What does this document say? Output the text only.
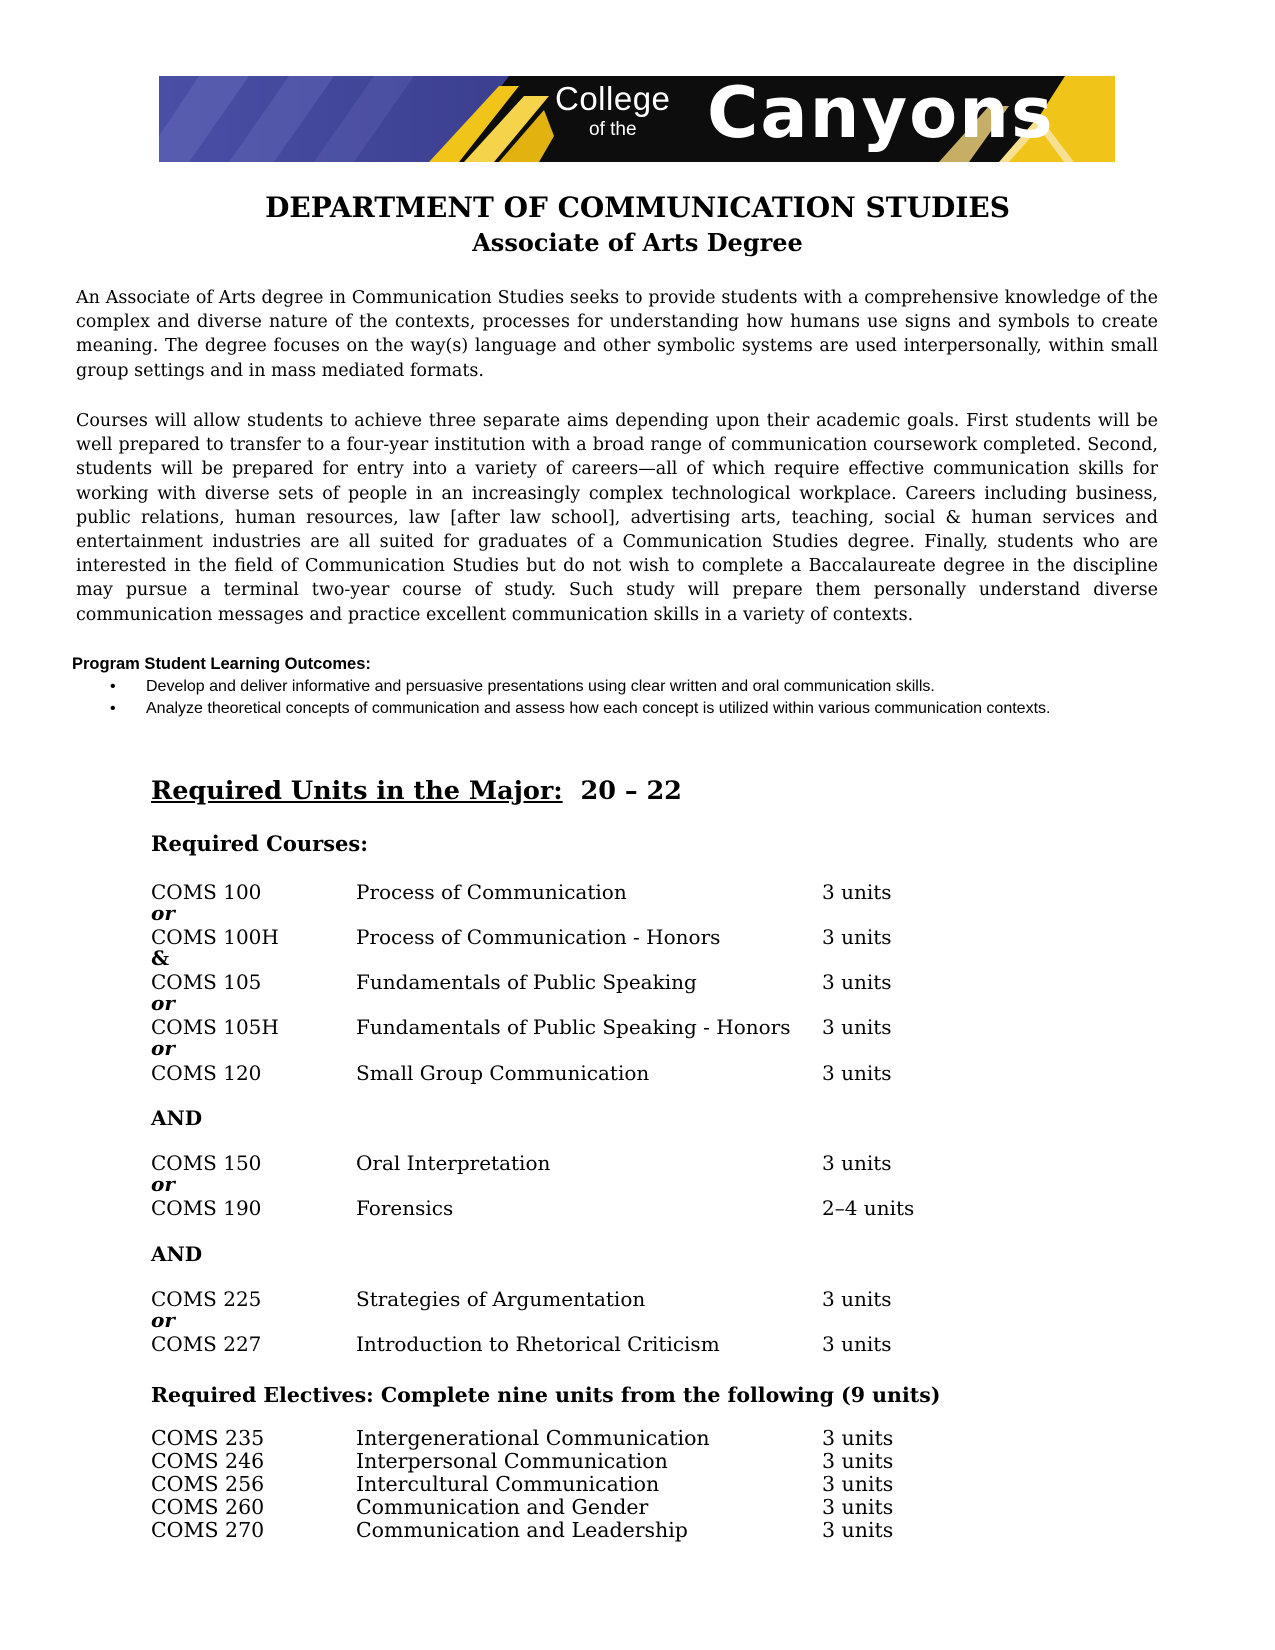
College
of the Canyons
DEPARTMENT OF COMMUNICATION STUDIES
Associate of Arts Degree
An Associate of Arts degree in Communication Studies seeks to provide students with a comprehensive knowledge of the complex and diverse nature of the contexts, processes for understanding how humans use signs and symbols to create meaning. The degree focuses on the way(s) language and other symbolic systems are used interpersonally, within small group settings and in mass mediated formats.
Courses will allow students to achieve three separate aims depending upon their academic goals. First students will be well prepared to transfer to a four-year institution with a broad range of communication coursework completed. Second, students will be prepared for entry into a variety of careers—all of which require effective communication skills for working with diverse sets of people in an increasingly complex technological workplace. Careers including business, public relations, human resources, law [after law school], advertising arts, teaching, social & human services and entertainment industries are all suited for graduates of a Communication Studies degree. Finally, students who are interested in the field of Communication Studies but do not wish to complete a Baccalaureate degree in the discipline may pursue a terminal two-year course of study. Such study will prepare them personally understand diverse communication messages and practice excellent communication skills in a variety of contexts.
Program Student Learning Outcomes:
• Develop and deliver informative and persuasive presentations using clear written and oral communication skills.
• Analyze theoretical concepts of communication and assess how each concept is utilized within various communication contexts.
Required Units in the Major: 20 – 22
Required Courses:
COMS 100	Process of Communication	3 units
or
COMS 100H	Process of Communication - Honors	3 units
&
COMS 105	Fundamentals of Public Speaking	3 units
or
COMS 105H	Fundamentals of Public Speaking - Honors 3 units
or
COMS 120	Small Group Communication	3 units
AND
COMS 150	Oral Interpretation	3 units
or
COMS 190	Forensics	2–4 units
AND
COMS 225	Strategies of Argumentation	3 units
or
COMS 227	Introduction to Rhetorical Criticism	3 units
Required Electives: Complete nine units from the following (9 units)
COMS 235	Intergenerational Communication	3 units
COMS 246	Interpersonal Communication	3 units
COMS 256	Intercultural Communication	3 units
COMS 260	Communication and Gender	3 units
COMS 270	Communication and Leadership	3 units
